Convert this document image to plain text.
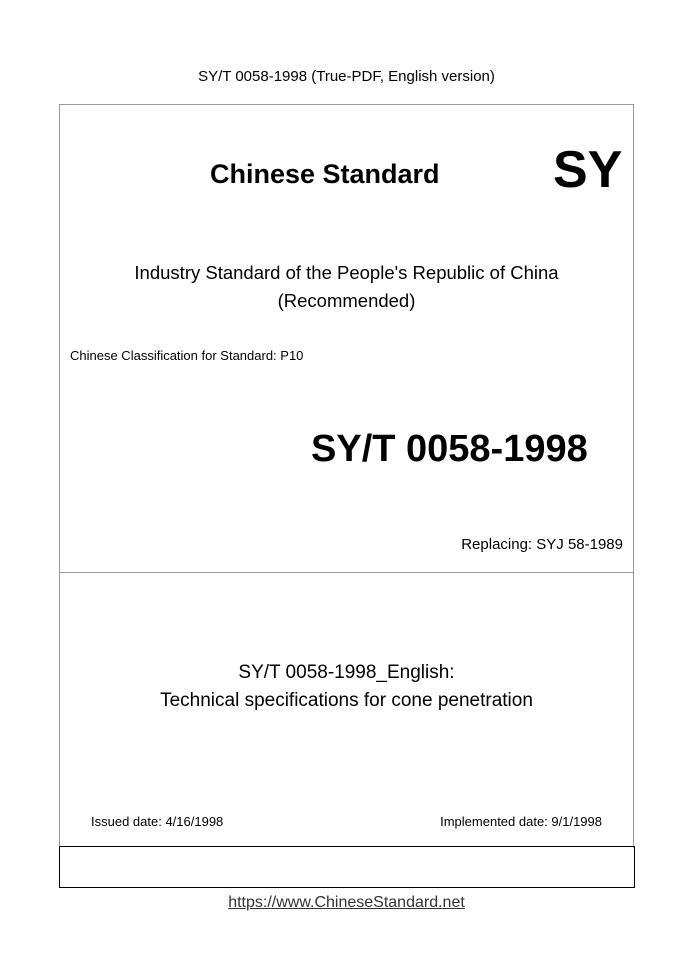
SY/T 0058-1998 (True-PDF, English version)
Chinese Standard SY
Industry Standard of the People's Republic of China
(Recommended)
Chinese Classification for Standard: P10
SY/T 0058-1998
Replacing: SYJ 58-1989
SY/T 0058-1998_English:
Technical specifications for cone penetration
Issued date: 4/16/1998	Implemented date: 9/1/1998
https://www.ChineseStandard.net
